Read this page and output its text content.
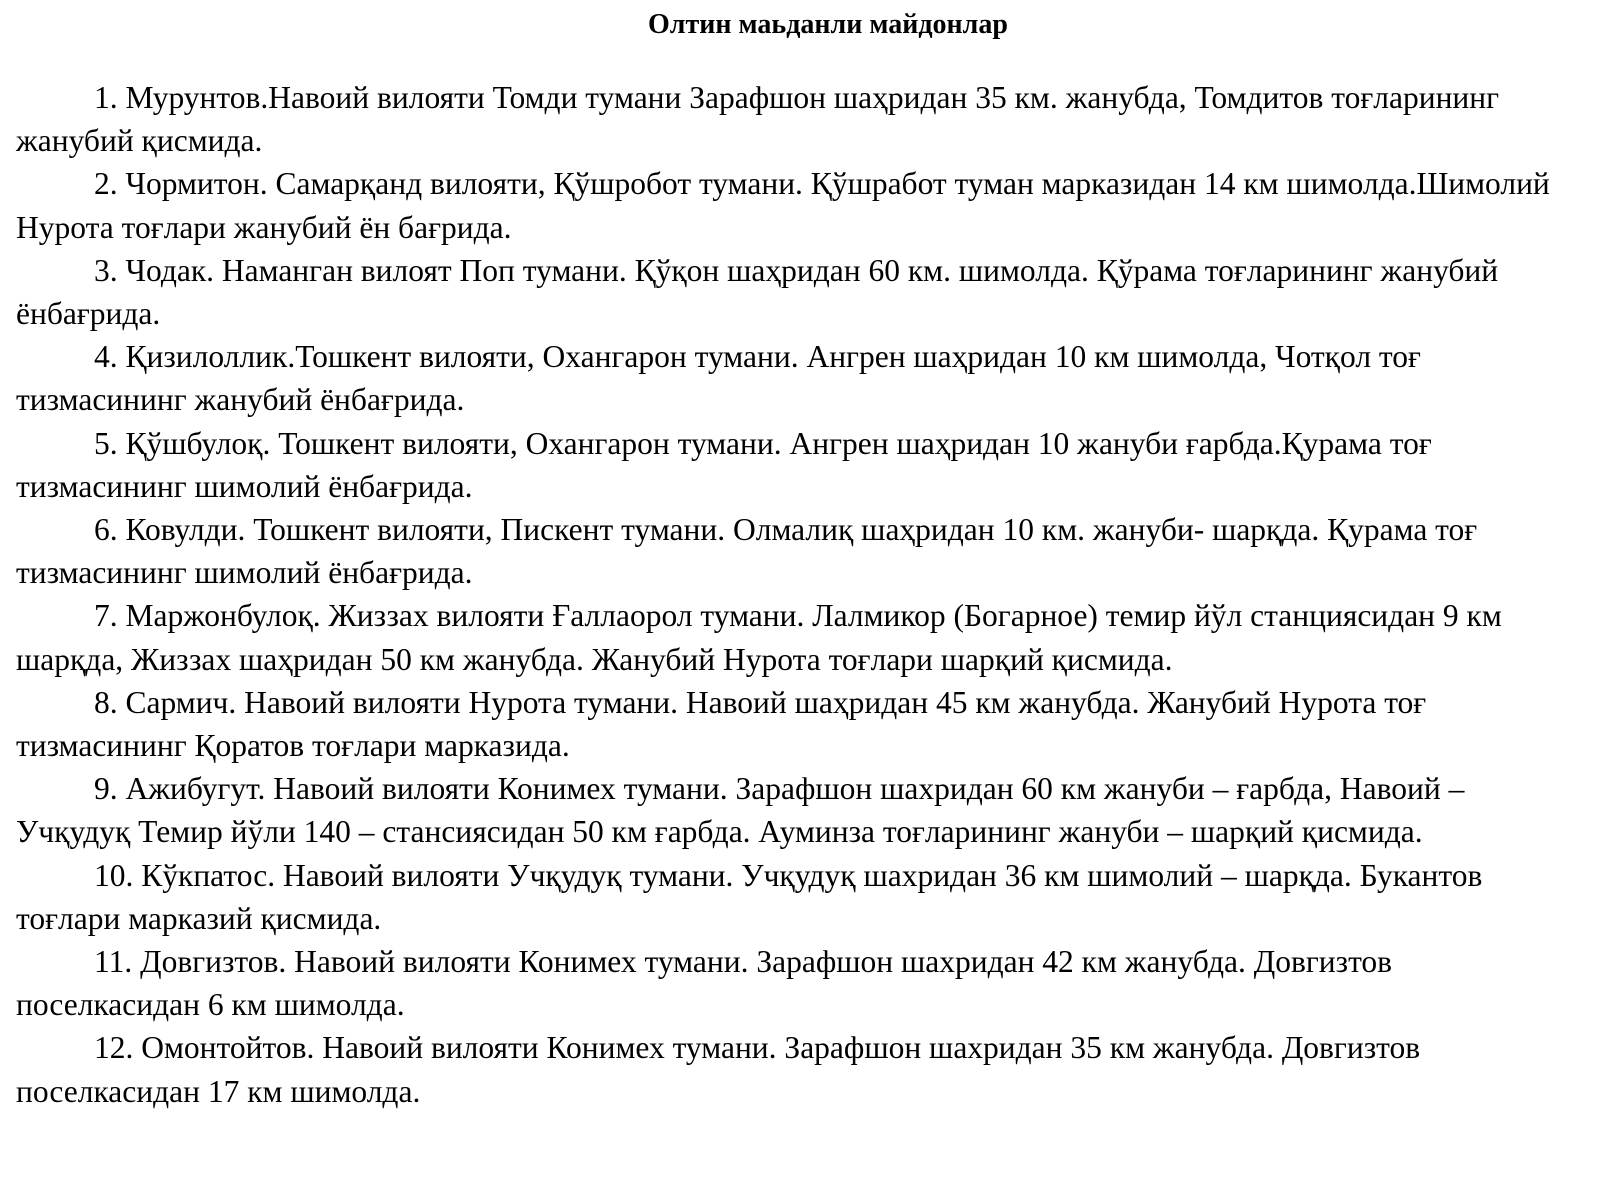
Олтин маьданли майдонлар

1. Мурунтов.Навоий вилояти Томди тумани Зарафшон шаҳридан 35 км. жанубда, Томдитов тоғларининг жанубий қисмида.

2. Чормитон. Самарқанд вилояти, Қўшробот тумани. Қўшработ туман марказидан 14 км шимолда.Шимолий Нурота тоғлари жанубий ён бағрида.

3. Чодак. Наманган вилоят Поп тумани. Қўқон шаҳридан 60 км. шимолда. Қўрама тоғларининг жанубий ёнбағрида.

4. Қизилоллик.Тошкент вилояти, Охангарон тумани. Ангрен шаҳридан 10 км шимолда, Чотқол тоғ тизмасининг жанубий ёнбағрида.

5. Қўшбулоқ. Тошкент вилояти, Охангарон тумани. Ангрен шаҳридан 10 жануби ғарбда.Қурама тоғ тизмасининг шимолий ёнбағрида.

6. Ковулди. Тошкент вилояти, Пискент тумани. Олмалиқ шаҳридан 10 км. жануби- шарқда. Қурама тоғ тизмасининг шимолий ёнбағрида.

7. Маржонбулоқ. Жиззах вилояти Ғаллаорол тумани. Лалмикор (Богарное) темир йўл станциясидан 9 км шарқда, Жиззах шаҳридан 50 км жанубда. Жанубий Нурота тоғлари шарқий қисмида.

8. Сармич. Навоий вилояти Нурота тумани. Навоий шаҳридан 45 км жанубда. Жанубий Нурота тоғ тизмасининг Қоратов тоғлари марказида.

9. Ажибугут. Навоий вилояти Конимех тумани. Зарафшон шахридан 60 км жануби – ғарбда, Навоий – Учқудуқ Темир йўли 140 – стансиясидан 50 км ғарбда. Ауминза тоғларининг жануби – шарқий қисмида.

10. Кўкпатос. Навоий вилояти Учқудуқ тумани. Учқудуқ шахридан 36 км шимолий – шарқда. Букантов тоғлари марказий қисмида.

11. Довгизтов. Навоий вилояти Конимех тумани. Зарафшон шахридан 42 км жанубда. Довгизтов поселкасидан 6 км шимолда.

12. Омонтойтов. Навоий вилояти Конимех тумани. Зарафшон шахридан 35 км жанубда. Довгизтов поселкасидан 17 км шимолда.
